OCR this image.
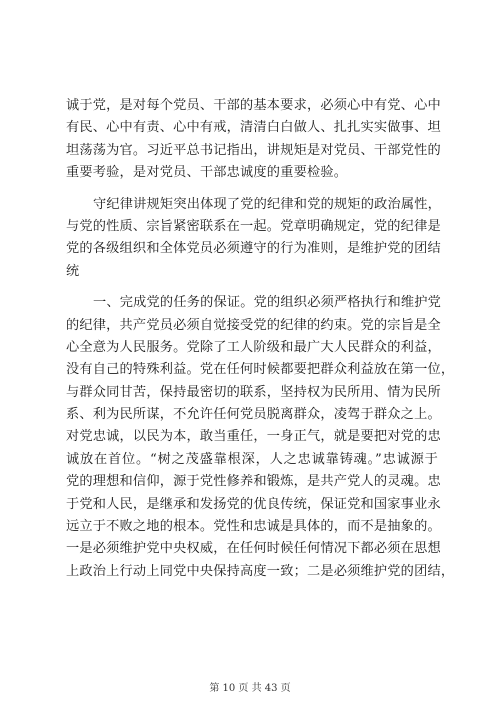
诚于党，是对每个党员、干部的基本要求，必须心中有党、心中
有民、心中有责、心中有戒，清清白白做人、扎扎实实做事、坦
坦荡荡为官。习近平总书记指出，讲规矩是对党员、干部党性的
重要考验，是对党员、干部忠诚度的重要检验。
守纪律讲规矩突出体现了党的纪律和党的规矩的政治属性，
与党的性质、宗旨紧密联系在一起。党章明确规定，党的纪律是
党的各级组织和全体党员必须遵守的行为准则，是维护党的团结
统
一、完成党的任务的保证。党的组织必须严格执行和维护党
的纪律，共产党员必须自觉接受党的纪律的约束。党的宗旨是全
心全意为人民服务。党除了工人阶级和最广大人民群众的利益，
没有自己的特殊利益。党在任何时候都要把群众利益放在第一位，
与群众同甘苦，保持最密切的联系，坚持权为民所用、情为民所
系、利为民所谋，不允许任何党员脱离群众，凌驾于群众之上。
对党忠诚，以民为本，敢当重任，一身正气，就是要把对党的忠
诚放在首位。“树之茂盛靠根深，人之忠诚靠铸魂。”忠诚源于
党的理想和信仰，源于党性修养和锻炼，是共产党人的灵魂。忠
于党和人民，是继承和发扬党的优良传统，保证党和国家事业永
远立于不败之地的根本。党性和忠诚是具体的，而不是抽象的。
一是必须维护党中央权威，在任何时候任何情况下都必须在思想
上政治上行动上同党中央保持高度一致；二是必须维护党的团结，
第 10 页 共 43 页
